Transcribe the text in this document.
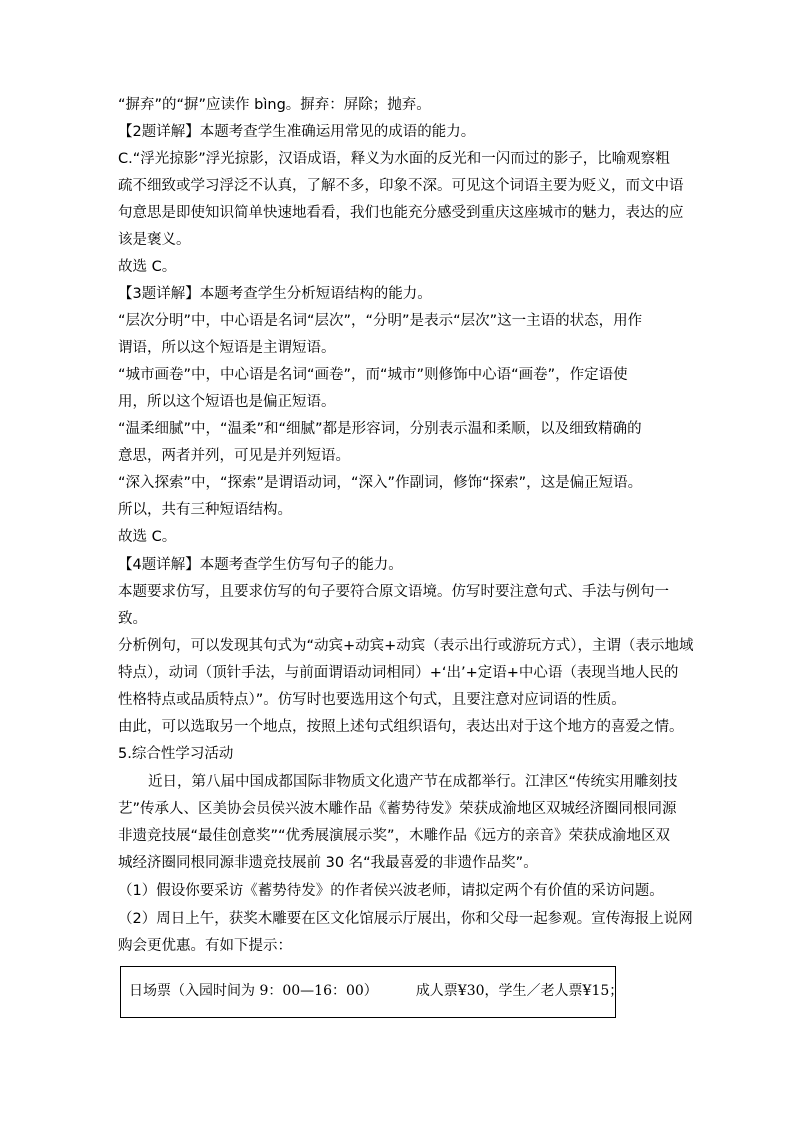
“摒弃”的“摒”应读作 bìng。摒弃：屏除；抛弃。
【2题详解】本题考查学生准确运用常见的成语的能力。
C.“浮光掠影”浮光掠影，汉语成语，释义为水面的反光和一闪而过的影子，比喻观察粗
疏不细致或学习浮泛不认真，了解不多，印象不深。可见这个词语主要为贬义，而文中语
句意思是即使知识简单快速地看看，我们也能充分感受到重庆这座城市的魅力，表达的应
该是褒义。
故选 C。
【3题详解】本题考查学生分析短语结构的能力。
“层次分明”中，中心语是名词“层次”，“分明”是表示“层次”这一主语的状态，用作
谓语，所以这个短语是主谓短语。
“城市画卷”中，中心语是名词“画卷”，而“城市”则修饰中心语“画卷”，作定语使
用，所以这个短语也是偏正短语。
“温柔细腻”中，“温柔”和“细腻”都是形容词，分别表示温和柔顺，以及细致精确的
意思，两者并列，可见是并列短语。
“深入探索”中，“探索”是谓语动词，“深入”作副词，修饰“探索”，这是偏正短语。
所以，共有三种短语结构。
故选 C。
【4题详解】本题考查学生仿写句子的能力。
本题要求仿写，且要求仿写的句子要符合原文语境。仿写时要注意句式、手法与例句一
致。
分析例句，可以发现其句式为“动宾+动宾+动宾（表示出行或游玩方式），主谓（表示地域
特点），动词（顶针手法，与前面谓语动词相同）+‘出’+定语+中心语（表现当地人民的
性格特点或品质特点）”。仿写时也要选用这个句式，且要注意对应词语的性质。
由此，可以选取另一个地点，按照上述句式组织语句，表达出对于这个地方的喜爱之情。
5.综合性学习活动
近日，第八届中国成都国际非物质文化遗产节在成都举行。江津区“传统实用雕刻技
艺”传承人、区美协会员侯兴波木雕作品《蓄势待发》荣获成渝地区双城经济圈同根同源
非遗竞技展“最佳创意奖”“优秀展演展示奖”，木雕作品《远方的亲音》荣获成渝地区双
城经济圈同根同源非遗竞技展前 30 名“我最喜爱的非遗作品奖”。
（1）假设你要采访《蓄势待发》的作者侯兴波老师，请拟定两个有价值的采访问题。
（2）周日上午，获奖木雕要在区文化馆展示厅展出，你和父母一起参观。宣传海报上说网
购会更优惠。有如下提示：
日场票（入园时间为 9：00—16：00）	成人票¥30，学生／老人票¥15；
